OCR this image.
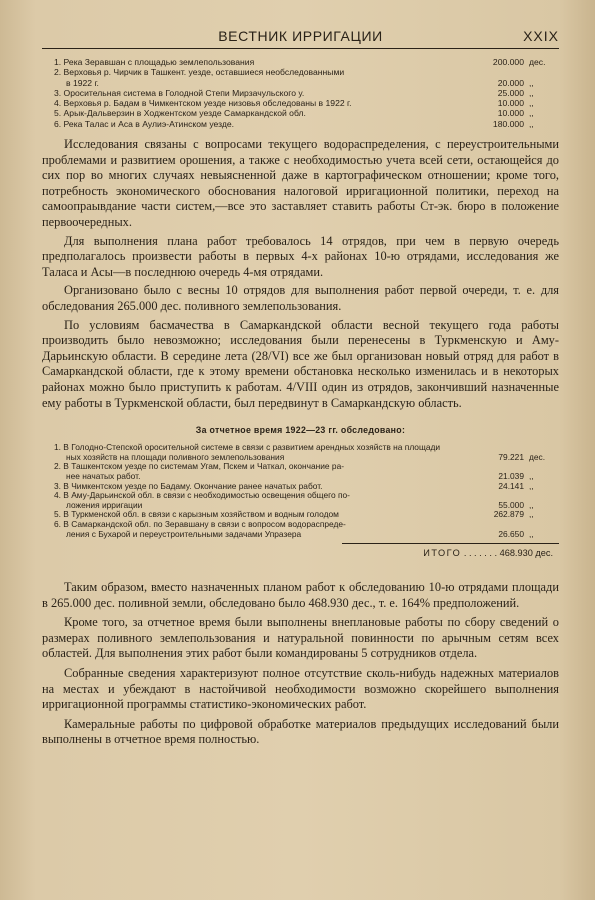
ВЕСТНИК ИРРИГАЦИИ	XXIX
1. Река Зеравшан с площадью землепользования	200.000 дес.
2. Верховья р. Чирчик в Ташкент. уезде, оставшиеся необследованными
в 1922 г.	20.000 ,,
3. Оросительная система в Голодной Степи Мирзачульского у.	25.000 ,,
4. Верховья р. Бадам в Чимкентском уезде низовья обследованы в 1922 г.	10.000 ,,
5. Арык-Дальверзин в Ходжентском уезде Самаркандской обл.	10.000 ,,
6. Река Талас и Аса в Аулиэ-Атинском уезде.	180.000 ,,

Исследования связаны с вопросами текущего водораспределения, с переустроительными проблемами и развитием орошения, а также с необходимостью учета всей сети, остающейся до сих пор во многих случаях невыясненной даже в картографическом отношении; кроме того, потребность экономического обоснования налоговой ирригационной политики, переход на самоопраывдание части систем,—все это заставляет ставить работы Ст-эк. бюро в положение первоочередных.

Для выполнения плана работ требовалось 14 отрядов, при чем в первую очередь предполагалось произвести работы в первых 4-х районах 10-ю отрядами, исследования же Таласа и Асы—в последнюю очередь 4-мя отрядами.

Организовано было с весны 10 отрядов для выполнения работ первой очереди, т. е. для обследования 265.000 дес. поливного землепользования.

По условиям басмачества в Самаркандской области весной текущего года работы производить было невозможно; исследования были перенесены в Туркменскую и Аму-Дарьинскую области. В середине лета (28/VI) все же был организован новый отряд для работ в Самаркандской области, где к этому времени обстановка несколько изменилась и в некоторых районах можно было приступить к работам. 4/VIII один из отрядов, закончивший назначенные ему работы в Туркменской области, был передвинут в Самаркандскую область.

За отчетное время 1922—23 гг. обследовано:
1. В Голодно-Степской оросительной системе в связи с развитием арендных хозяйств на площади
ных хозяйств на площади поливного землепользования	79.221 дес.
2. В Ташкентском уезде по системам Угам, Пскем и Чаткал, окончание ра-
нее начатых работ.	21.039 ,,
3. В Чимкентском уезде по Бадаму. Окончание ранее начатых работ.	24.141 ,,
4. В Аму-Дарьинской обл. в связи с необходимостью освещения общего по-
ложения ирригации	55.000 ,,
5. В Туркменской обл. в связи с карызным хозяйством и водным голодом	262.879 ,,
6. В Самаркандской обл. по Зеравшану в связи с вопросом водораспреде-
ления с Бухарой и переустроительными задачами Упразера	26.650 ,,
ИТОГО . . . . . . . 468.930 дес.

Таким образом, вместо назначенных планом работ к обследованию 10-ю отрядами площади в 265.000 дес. поливной земли, обследовано было 468.930 дес., т. е. 164% предположений.

Кроме того, за отчетное время были выполнены внеплановые работы по сбору сведений о размерах поливного землепользования и натуральной повинности по арычным сетям всех областей. Для выполнения этих работ были командированы 5 сотрудников отдела.

Собранные сведения характеризуют полное отсутствие сколь-нибудь надежных материалов на местах и убеждают в настойчивой необходимости возможно скорейшего выполнения ирригационной программы статистико-экономических работ.

Камеральные работы по цифровой обработке материалов предыдущих исследований были выполнены в отчетное время полностью.
